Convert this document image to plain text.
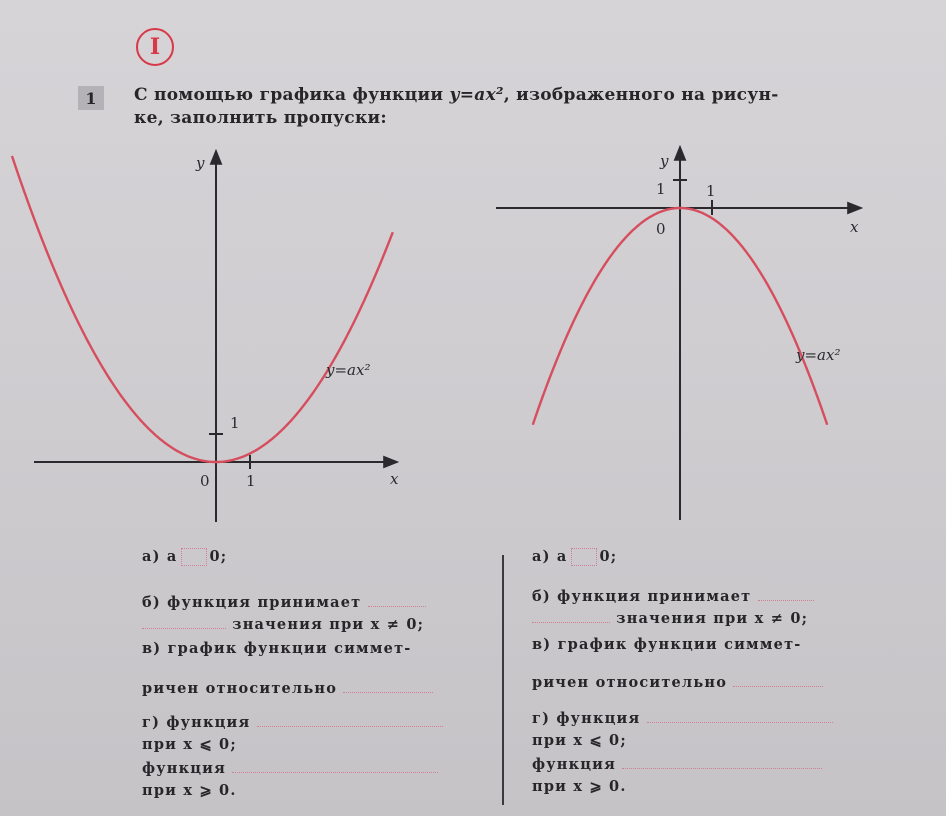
I
1	С помощью графика функции y=ax², изображенного на рисун-
ке, заполнить пропуски:
y
x
0 1
1
y=ax²
y
x
0
1
1
y=ax²
а) a 0;
б) функция принимает
значения при x ≠ 0;
в) график функции симмет-
ричен относительно
г) функция
при x ⩽ 0;
функция
при x ⩾ 0.
а) a 0;
б) функция принимает
значения при x ≠ 0;
в) график функции симмет-
ричен относительно
г) функция
при x ⩽ 0;
функция
при x ⩾ 0.
